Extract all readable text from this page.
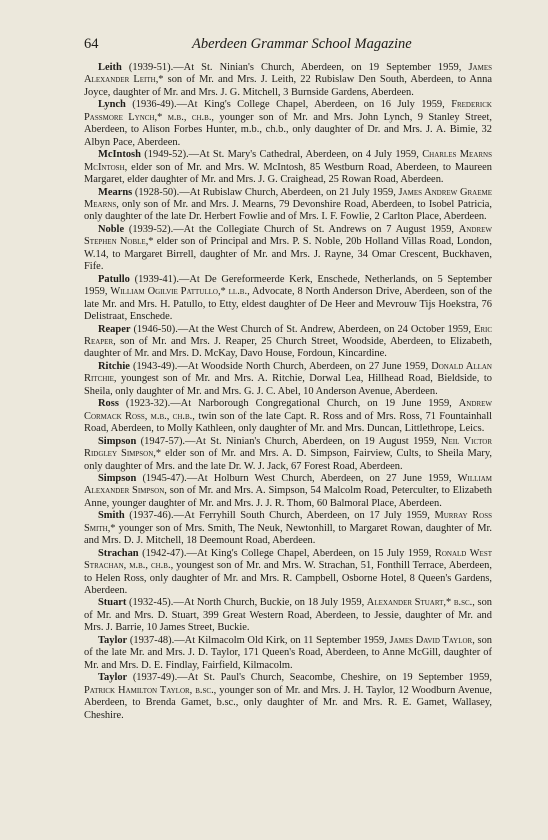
64	Aberdeen Grammar School Magazine

Leith (1939-51).—At St. Ninian's Church, Aberdeen, on 19 September 1959, James Alexander Leith,* son of Mr. and Mrs. J. Leith, 22 Rubislaw Den South, Aberdeen, to Anna Joyce, daughter of Mr. and Mrs. J. G. Mitchell, 3 Burnside Gardens, Aberdeen.

Lynch (1936-49).—At King's College Chapel, Aberdeen, on 16 July 1959, Frederick Passmore Lynch,* m.b., ch.b., younger son of Mr. and Mrs. John Lynch, 9 Stanley Street, Aberdeen, to Alison Forbes Hunter, m.b., ch.b., only daughter of Dr. and Mrs. J. A. Bimie, 32 Albyn Pace, Aberdeen.

McIntosh (1949-52).—At St. Mary's Cathedral, Aberdeen, on 4 July 1959, Charles Mearns McIntosh, elder son of Mr. and Mrs. W. McIntosh, 85 Westburn Road, Aberdeen, to Maureen Margaret, elder daughter of Mr. and Mrs. J. G. Craighead, 25 Rowan Road, Aberdeen.

Mearns (1928-50).—At Rubislaw Church, Aberdeen, on 21 July 1959, James Andrew Graeme Mearns, only son of Mr. and Mrs. J. Mearns, 79 Devonshire Road, Aberdeen, to Isobel Patricia, only daughter of the late Dr. Herbert Fowlie and of Mrs. I. F. Fowlie, 2 Carlton Place, Aberdeen.

Noble (1939-52).—At the Collegiate Church of St. Andrews on 7 August 1959, Andrew Stephen Noble,* elder son of Principal and Mrs. P. S. Noble, 20b Holland Villas Road, London, W.14, to Margaret Birrell, daughter of Mr. and Mrs. J. Rayne, 34 Omar Crescent, Buckhaven, Fife.

Patullo (1939-41).—At De Gereformeerde Kerk, Enschede, Netherlands, on 5 September 1959, William Ogilvie Pattullo,* ll.b., Advocate, 8 North Anderson Drive, Aberdeen, son of the late Mr. and Mrs. H. Patullo, to Etty, eldest daughter of De Heer and Mevrouw Tijs Hoekstra, 76 Delistraat, Enschede.

Reaper (1946-50).—At the West Church of St. Andrew, Aberdeen, on 24 October 1959, Eric Reaper, son of Mr. and Mrs. J. Reaper, 25 Church Street, Woodside, Aberdeen, to Elizabeth, daughter of Mr. and Mrs. D. McKay, Davo House, Fordoun, Kincardine.

Ritchie (1943-49).—At Woodside North Church, Aberdeen, on 27 June 1959, Donald Allan Ritchie, youngest son of Mr. and Mrs. A. Ritchie, Dorwal Lea, Hillhead Road, Bieldside, to Sheila, only daughter of Mr. and Mrs. G. J. C. Abel, 10 Anderson Avenue, Aberdeen.

Ross (1923-32).—At Narborough Congregational Church, on 19 June 1959, Andrew Cormack Ross, m.b., ch.b., twin son of the late Capt. R. Ross and of Mrs. Ross, 71 Fountainhall Road, Aberdeen, to Molly Kathleen, only daughter of Mr. and Mrs. Duncan, Littlethrope, Leics.

Simpson (1947-57).—At St. Ninian's Church, Aberdeen, on 19 August 1959, Neil Victor Ridgley Simpson,* elder son of Mr. and Mrs. A. D. Simpson, Fairview, Cults, to Sheila Mary, only daughter of Mrs. and the late Dr. W. J. Jack, 67 Forest Road, Aberdeen.

Simpson (1945-47).—At Holburn West Church, Aberdeen, on 27 June 1959, William Alexander Simpson, son of Mr. and Mrs. A. Simpson, 54 Malcolm Road, Peterculter, to Elizabeth Anne, younger daughter of Mr. and Mrs. J. J. R. Thom, 60 Balmoral Place, Aberdeen.

Smith (1937-46).—At Ferryhill South Church, Aberdeen, on 17 July 1959, Murray Ross Smith,* younger son of Mrs. Smith, The Neuk, Newtonhill, to Margaret Rowan, daughter of Mr. and Mrs. D. J. Mitchell, 18 Deemount Road, Aberdeen.

Strachan (1942-47).—At King's College Chapel, Aberdeen, on 15 July 1959, Ronald West Strachan, m.b., ch.b., youngest son of Mr. and Mrs. W. Strachan, 51, Fonthill Terrace, Aberdeen, to Helen Ross, only daughter of Mr. and Mrs. R. Campbell, Osborne Hotel, 8 Queen's Gardens, Aberdeen.

Stuart (1932-45).—At North Church, Buckie, on 18 July 1959, Alexander Stuart,* b.sc., son of Mr. and Mrs. D. Stuart, 399 Great Western Road, Aberdeen, to Jessie, daughter of Mr. and Mrs. J. Barrie, 10 James Street, Buckie.

Taylor (1937-48).—At Kilmacolm Old Kirk, on 11 September 1959, James David Taylor, son of the late Mr. and Mrs. J. D. Taylor, 171 Queen's Road, Aberdeen, to Anne McGill, daughter of Mr. and Mrs. D. E. Findlay, Fairfield, Kilmacolm.

Taylor (1937-49).—At St. Paul's Church, Seacombe, Cheshire, on 19 September 1959, Patrick Hamilton Taylor, b.sc., younger son of Mr. and Mrs. J. H. Taylor, 12 Woodburn Avenue, Aberdeen, to Brenda Gamet, b.sc., only daughter of Mr. and Mrs. R. E. Gamet, Wallasey, Cheshire.
